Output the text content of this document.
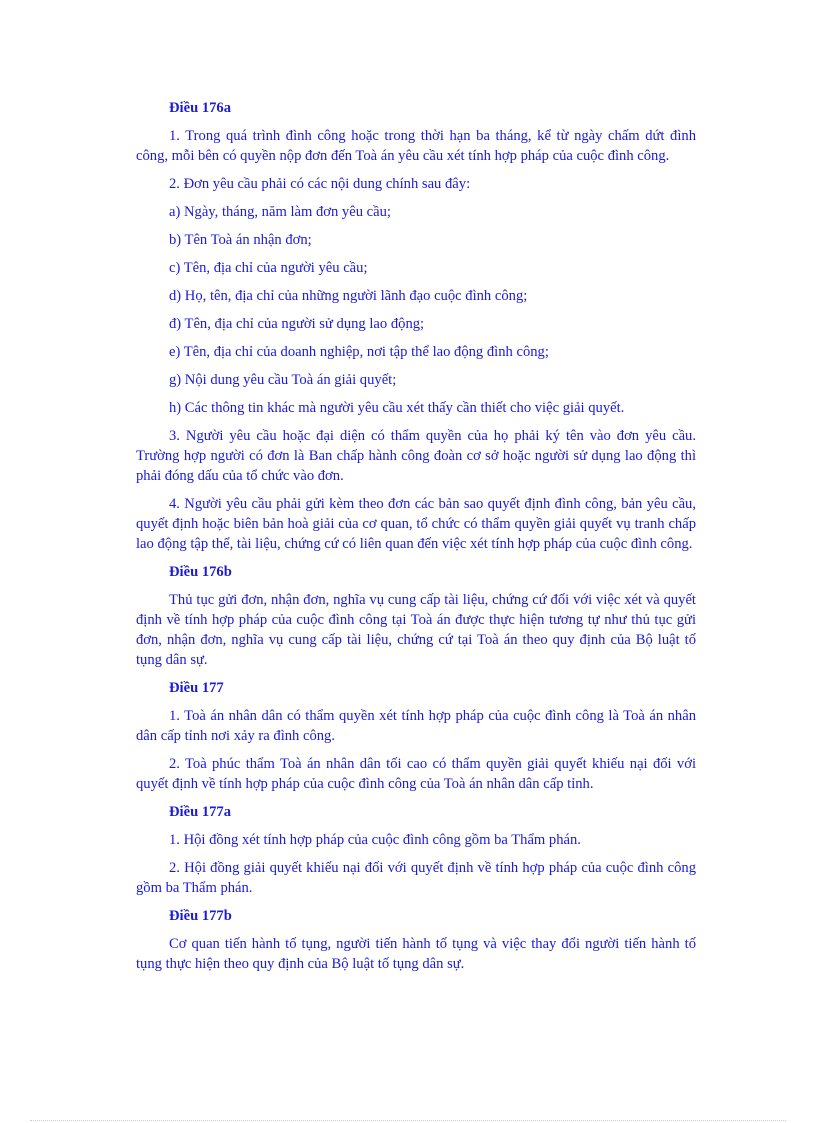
Điều 176a

1. Trong quá trình đình công hoặc trong thời hạn ba tháng, kể từ ngày chấm dứt đình công, mỗi bên có quyền nộp đơn đến Toà án yêu cầu xét tính hợp pháp của cuộc đình công.

2. Đơn yêu cầu phải có các nội dung chính sau đây:

a) Ngày, tháng, năm làm đơn yêu cầu;

b) Tên Toà án nhận đơn;

c) Tên, địa chỉ của người yêu cầu;

d) Họ, tên, địa chỉ của những người lãnh đạo cuộc đình công;

đ) Tên, địa chỉ của người sử dụng lao động;

e) Tên, địa chỉ của doanh nghiệp, nơi tập thể lao động đình công;

g) Nội dung yêu cầu Toà án giải quyết;

h) Các thông tin khác mà người yêu cầu xét thấy cần thiết cho việc giải quyết.

3. Người yêu cầu hoặc đại diện có thẩm quyền của họ phải ký tên vào đơn yêu cầu. Trường hợp người có đơn là Ban chấp hành công đoàn cơ sở hoặc người sử dụng lao động thì phải đóng dấu của tổ chức vào đơn.

4. Người yêu cầu phải gửi kèm theo đơn các bản sao quyết định đình công, bản yêu cầu, quyết định hoặc biên bản hoà giải của cơ quan, tổ chức có thẩm quyền giải quyết vụ tranh chấp lao động tập thể, tài liệu, chứng cứ có liên quan đến việc xét tính hợp pháp của cuộc đình công.

Điều 176b

Thủ tục gửi đơn, nhận đơn, nghĩa vụ cung cấp tài liệu, chứng cứ đối với việc xét và quyết định về tính hợp pháp của cuộc đình công tại Toà án được thực hiện tương tự như thủ tục gửi đơn, nhận đơn, nghĩa vụ cung cấp tài liệu, chứng cứ tại Toà án theo quy định của Bộ luật tố tụng dân sự.

Điều 177

1. Toà án nhân dân có thẩm quyền xét tính hợp pháp của cuộc đình công là Toà án nhân dân cấp tỉnh nơi xảy ra đình công.

2. Toà phúc thẩm Toà án nhân dân tối cao có thẩm quyền giải quyết khiếu nại đối với quyết định về tính hợp pháp của cuộc đình công của Toà án nhân dân cấp tỉnh.

Điều 177a

1. Hội đồng xét tính hợp pháp của cuộc đình công gồm ba Thẩm phán.

2. Hội đồng giải quyết khiếu nại đối với quyết định về tính hợp pháp của cuộc đình công gồm ba Thẩm phán.

Điều 177b

Cơ quan tiến hành tố tụng, người tiến hành tố tụng và việc thay đổi người tiến hành tố tụng thực hiện theo quy định của Bộ luật tố tụng dân sự.
